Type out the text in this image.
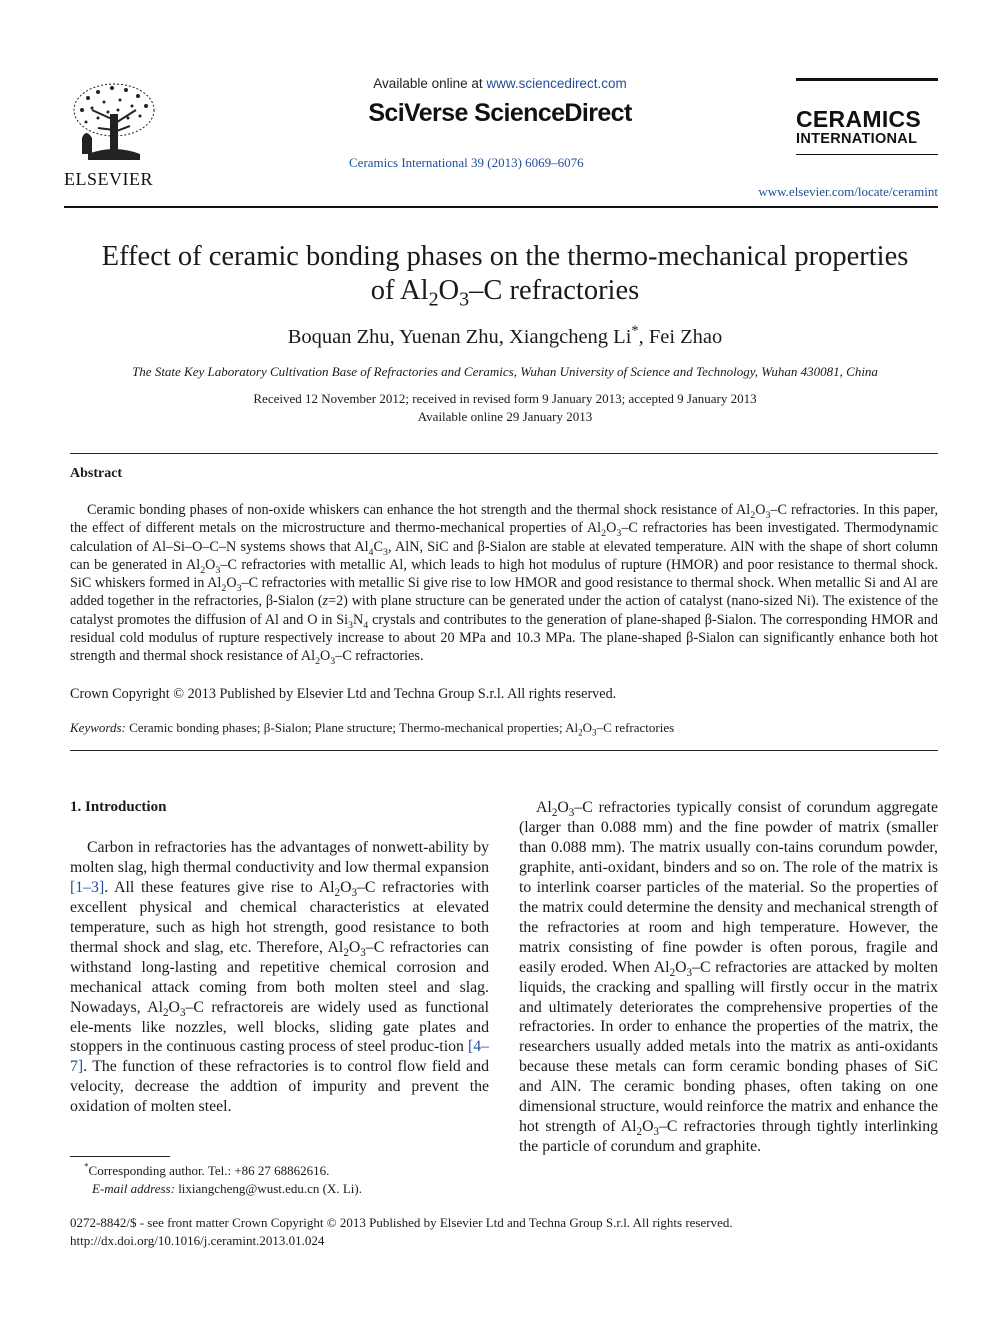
ELSEVIER
Available online at www.sciencedirect.com
SciVerse ScienceDirect
Ceramics International 39 (2013) 6069–6076
CERAMICS
INTERNATIONAL
www.elsevier.com/locate/ceramint
Effect of ceramic bonding phases on the thermo-mechanical properties
of $Al_2O_3-C$ refractories
Boquan Zhu, Yuenan Zhu, Xiangcheng Li*, Fei Zhao
The State Key Laboratory Cultivation Base of Refractories and Ceramics, Wuhan University of Science and Technology, Wuhan 430081, China
Received 12 November 2012; received in revised form 9 January 2013; accepted 9 January 2013
Available online 29 January 2013
Abstract
Ceramic bonding phases of non-oxide whiskers can enhance the hot strength and the thermal shock resistance of $Al_2O_3-C$ refractories. In this paper, the effect of different metals on the microstructure and thermo-mechanical properties of $Al_2O_3-C$ refractories has been investigated. Thermodynamic calculation of Al–Si–O–C–N systems shows that $Al_4C_3$, AlN, SiC and β-Sialon are stable at elevated temperature. AlN with the shape of short column can be generated in $Al_2O_3-C$ refractories with metallic Al, which leads to high hot modulus of rupture (HMOR) and poor resistance to thermal shock. SiC whiskers formed in $Al_2O_3-C$ refractories with metallic Si give rise to low HMOR and good resistance to thermal shock. When metallic Si and Al are added together in the refractories, β-Sialon (z=2) with plane structure can be generated under the action of catalyst (nano-sized Ni). The existence of the catalyst promotes the diffusion of Al and O in $Si_3N_4$ crystals and contributes to the generation of plane-shaped β-Sialon. The corresponding HMOR and residual cold modulus of rupture respectively increase to about 20 MPa and 10.3 MPa. The plane-shaped β-Sialon can significantly enhance both hot strength and thermal shock resistance of $Al_2O_3-C$ refractories.
Crown Copyright © 2013 Published by Elsevier Ltd and Techna Group S.r.l. All rights reserved.
Keywords: Ceramic bonding phases; β-Sialon; Plane structure; Thermo-mechanical properties; $Al_2O_3-C$ refractories
1. Introduction

Carbon in refractories has the advantages of nonwett-ability by molten slag, high thermal conductivity and low thermal expansion [1–3]. All these features give rise to $Al_2O_3-C$ refractories with excellent physical and chemical characteristics at elevated temperature, such as high hot strength, good resistance to both thermal shock and slag, etc. Therefore, $Al_2O_3-C$ refractories can withstand long-lasting and repetitive chemical corrosion and mechanical attack coming from both molten steel and slag. Nowadays, $Al_2O_3-C$ refractoreis are widely used as functional ele-ments like nozzles, well blocks, sliding gate plates and stoppers in the continuous casting process of steel produc-tion [4–7]. The function of these refractories is to control flow field and velocity, decrease the addtion of impurity and prevent the oxidation of molten steel.

$Al_2O_3-C$ refractories typically consist of corundum aggregate (larger than 0.088 mm) and the fine powder of matrix (smaller than 0.088 mm). The matrix usually con-tains corundum powder, graphite, anti-oxidant, binders and so on. The role of the matrix is to interlink coarser particles of the material. So the properties of the matrix could determine the density and mechanical strength of the refractories at room and high temperature. However, the matrix consisting of fine powder is often porous, fragile and easily eroded. When $Al_2O_3-C$ refractories are attacked by molten liquids, the cracking and spalling will firstly occur in the matrix and ultimately deteriorates the comprehensive properties of the refractories. In order to enhance the properties of the matrix, the researchers usually added metals into the matrix as anti-oxidants because these metals can form ceramic bonding phases of SiC and AlN. The ceramic bonding phases, often taking on one dimensional structure, would reinforce the matrix and enhance the hot strength of $Al_2O_3-C$ refractories through tightly interlinking the particle of corundum and graphite.

*Corresponding author. Tel.: +86 27 68862616.
E-mail address: lixiangcheng@wust.edu.cn (X. Li).
0272-8842/$ - see front matter Crown Copyright © 2013 Published by Elsevier Ltd and Techna Group S.r.l. All rights reserved.
http://dx.doi.org/10.1016/j.ceramint.2013.01.024
